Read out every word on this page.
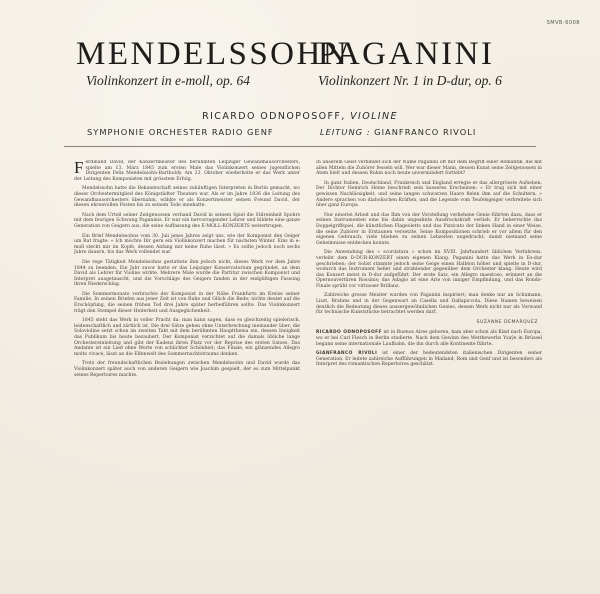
SMVB-6008
MENDELSSOHN
PAGANINI
Violinkonzert in e-moll, op. 64	Violinkonzert Nr. 1 in D-dur, op. 6
RICARDO ODNOPOSOFF, VIOLINE
SYMPHONIE ORCHESTER RADIO GENF	LEITUNG : GIANFRANCO RIVOLI

Ferdinand David, der Konzertmeister des berühmten Leipziger Gewandhausorchesters, spielte am 13. März 1845 zum ersten Male das Violinkonzert seines jugendlichen Dirigenten Felix Mendelssohn-Bartholdy. Am 23. Oktober wiederholte er das Werk unter der Leitung des Komponisten mit grösstem Erfolg.

Mendelssohn hatte die Bekanntschaft seines zukünftigen Interpreten in Berlin gemacht, wo dieser Orchestermitglied des Königstädter Theaters war. Als er im Jahre 1836 die Leitung des Gewandhausorchesters übernahm, wählte er als Konzertmeister seinen Freund David, der diesen ehrenvollen Posten bis zu seinem Tode innehatte.

Nach dem Urteil seiner Zeitgenossen verband David in seinem Spiel die Stilreinheit Spohrs mit dem feurigen Schwung Paganinis. Er war ein hervorragender Lehrer und bildete eine ganze Generation von Geigern aus, die seine Auffassung des E-MOLL-KONZERTS weitertrugen.

Ein Brief Mendelssohns vom 30. Juli jenes Jahres zeigt uns, wie der Komponist den Geiger um Rat fragte: « Ich möchte Dir gern ein Violinkonzert machen für nächsten Winter. Eins in e-moll steckt mir im Kopfe, dessen Anfang mir keine Ruhe lässt. » Es sollte jedoch noch sechs Jahre dauern, bis das Werk vollendet war.

Die rege Tätigkeit Mendelssohns gestattete ihm jedoch nicht, dieses Werk vor dem Jahre 1844 zu beenden. Ein Jahr zuvor hatte er das Leipziger Konservatorium gegründet, an dem David als Lehrer für Violine wirkte. Mehrere Male wurde die Partitur zwischen Komponist und Interpret ausgetauscht, und die Vorschläge des Geigers fanden in der endgültigen Fassung ihren Niederschlag.

Die Sommermonate verbrachte der Komponist in der Nähe Frankfurts im Kreise seiner Familie. In seinen Briefen aus jener Zeit ist von Ruhe und Glück die Rede; nichts deutet auf die Erschöpfung, die seinen frühen Tod drei Jahre später herbeiführen sollte. Das Violinkonzert trägt den Stempel dieser Heiterkeit und Ausgeglichenheit.

1845 steht das Werk in voller Pracht da: man kann sagen, dass es gleichzeitig spielerisch, leidenschaftlich und zärtlich ist. Die drei Sätze gehen ohne Unterbrechung ineinander über; die Solovioline setzt schon im zweiten Takt mit dem berühmten Hauptthema ein, dessen Innigkeit das Publikum bis heute bezaubert. Der Komponist verzichtet auf die damals übliche lange Orchestereinleitung und gibt der Kadenz ihren Platz vor der Reprise des ersten Satzes. Das Andante ist ein Lied ohne Worte von schlichter Schönheit; das Finale, ein glänzendes Allegro molto vivace, lässt an die Elfenwelt des Sommernachtstraums denken.

Trotz der freundschaftlichen Beziehungen zwischen Mendelssohn und David wurde das Violinkonzert später auch von anderen Geigern wie Joachim gespielt, der es zum Mittelpunkt seines Repertoires machte.

In unserem Geist verbindet sich der Name Paganini oft mit dem Begriff einer Romantik, die mit allen Mitteln die Zuhörer fesseln will. Wer war dieser Mann, dessen Kunst seine Zeitgenossen in Atem hielt und dessen Ruhm noch heute unvermindert fortlebt?

In ganz Italien, Deutschland, Frankreich und England erregte er das allergrösste Aufsehen. Der Dichter Heinrich Heine beschrieb sein äusseres Erscheinen: « Er trug sich mit einer gewissen Nachlässigkeit, und seine langen schwarzen Haare fielen ihm auf die Schultern. » Andere sprachen von diabolischen Kräften, und die Legende vom Teufelsgeiger verbreitete sich über ganz Europa.

Nur einerlei Arbeit und das Ihm von der Vorstellung verliehene Genie führten dazu, dass er seinen Instrumenten eine bis dahin ungeahnte Ausdruckskraft verlieh. Er beherrschte das Doppelgriffspiel, die künstlichen Flageoletts und das Pizzicato der linken Hand in einer Weise, die seine Zuhörer in Erstaunen versetzte. Seine Kompositionen schrieb er vor allem für den eigenen Gebrauch; viele blieben zu seinen Lebzeiten ungedruckt, damit niemand seine Geheimnisse entdecken konnte.

Die Anwendung des « scordatura » schon im XVIII. Jahrhundert üblichen Verfahrens, verleiht dem D-DUR-KONZERT einen eigenen Klang. Paganini hatte das Werk in Es-dur geschrieben; der Solist stimmte jedoch seine Geige einen Halbton höher und spielte in D-dur, wodurch das Instrument heller und strahlender gegenüber dem Orchester klang. Heute wird das Konzert meist in D-dur aufgeführt. Der erste Satz, ein Allegro maestoso, erinnert an die Opernouvertüren Rossinis; das Adagio ist eine Arie von inniger Empfindung, und das Rondo-Finale sprüht vor virtuoser Brillanz.

Zahlreiche grosse Meister wurden von Paganini inspiriert; man denke nur an Schumann, Liszt, Brahms und in der Gegenwart an Casella und Dallapiccola. Diese Namen beweisen deutlich die Bedeutung dieses aussergewöhnlichen Genies, dessen Werk nicht nur als Vorwand für technische Kunststücke betrachtet werden darf.

SUZANNE DEMARQUEZ

RICARDO ODNOPOSOFF ist in Buenos Aires geboren, kam aber schon als Kind nach Europa, wo er bei Carl Flesch in Berlin studierte. Nach dem Gewinn des Wettbewerbs Ysaÿe in Brüssel begann seine internationale Laufbahn, die ihn durch alle Kontinente führte.

GIANFRANCO RIVOLI ist einer der bedeutendsten italienischen Dirigenten seiner Generation. Er leitete zahlreiche Aufführungen in Mailand, Rom und Genf und ist besonders als Interpret des romantischen Repertoires geschätzt.
